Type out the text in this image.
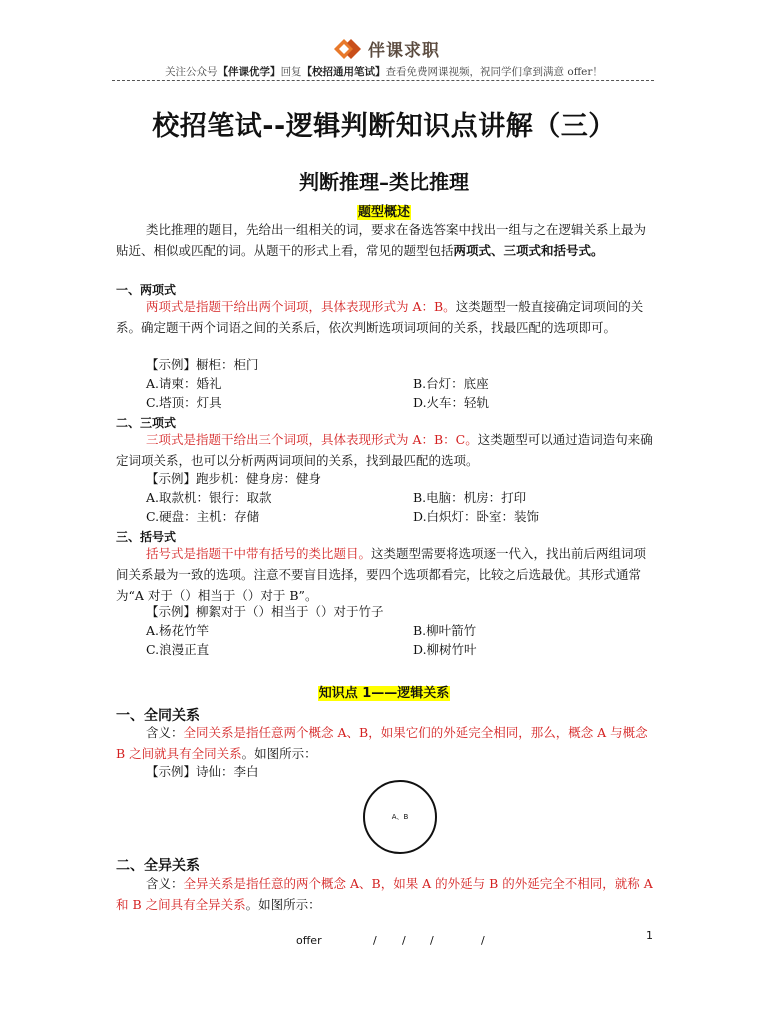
伴课求职
关注公众号【伴课优学】回复【校招通用笔试】查看免费网课视频，祝同学们拿到满意 offer！
校招笔试--逻辑判断知识点讲解（三）
判断推理–类比推理
题型概述

类比推理的题目，先给出一组相关的词，要求在备选答案中找出一组与之在逻辑关系上最为贴近、相似或匹配的词。从题干的形式上看，常见的题型包括两项式、三项式和括号式。

一、两项式

两项式是指题干给出两个词项，具体表现形式为 A：B。这类题型一般直接确定词项间的关系。确定题干两个词语之间的关系后，依次判断选项词项间的关系，找最匹配的选项即可。

【示例】橱柜：柜门
A.请柬：婚礼	B.台灯：底座
C.塔顶：灯具	D.火车：轻轨
二、三项式

三项式是指题干给出三个词项，具体表现形式为 A：B：C。这类题型可以通过造词造句来确定词项关系，也可以分析两两词项间的关系，找到最匹配的选项。

【示例】跑步机：健身房：健身
A.取款机：银行：取款	B.电脑：机房：打印
C.硬盘：主机：存储	D.白炽灯：卧室：装饰
三、括号式

括号式是指题干中带有括号的类比题目。这类题型需要将选项逐一代入，找出前后两组词项间关系最为一致的选项。注意不要盲目选择，要四个选项都看完，比较之后选最优。其形式通常为“A 对于（）相当于（）对于 B”。

【示例】柳絮对于（）相当于（）对于竹子
A.杨花竹竿	B.柳叶箭竹
C.浪漫正直	D.柳树竹叶
知识点 1——逻辑关系
一、全同关系

含义：全同关系是指任意两个概念 A、B，如果它们的外延完全相同，那么，概念 A 与概念 B 之间就具有全同关系。如图所示：

【示例】诗仙：李白
A、B
二、全异关系

含义：全异关系是指任意的两个概念 A、B，如果 A 的外延与 B 的外延完全不相同，就称 A 和 B 之间具有全异关系。如图所示：

offer	/ / /	/	1
